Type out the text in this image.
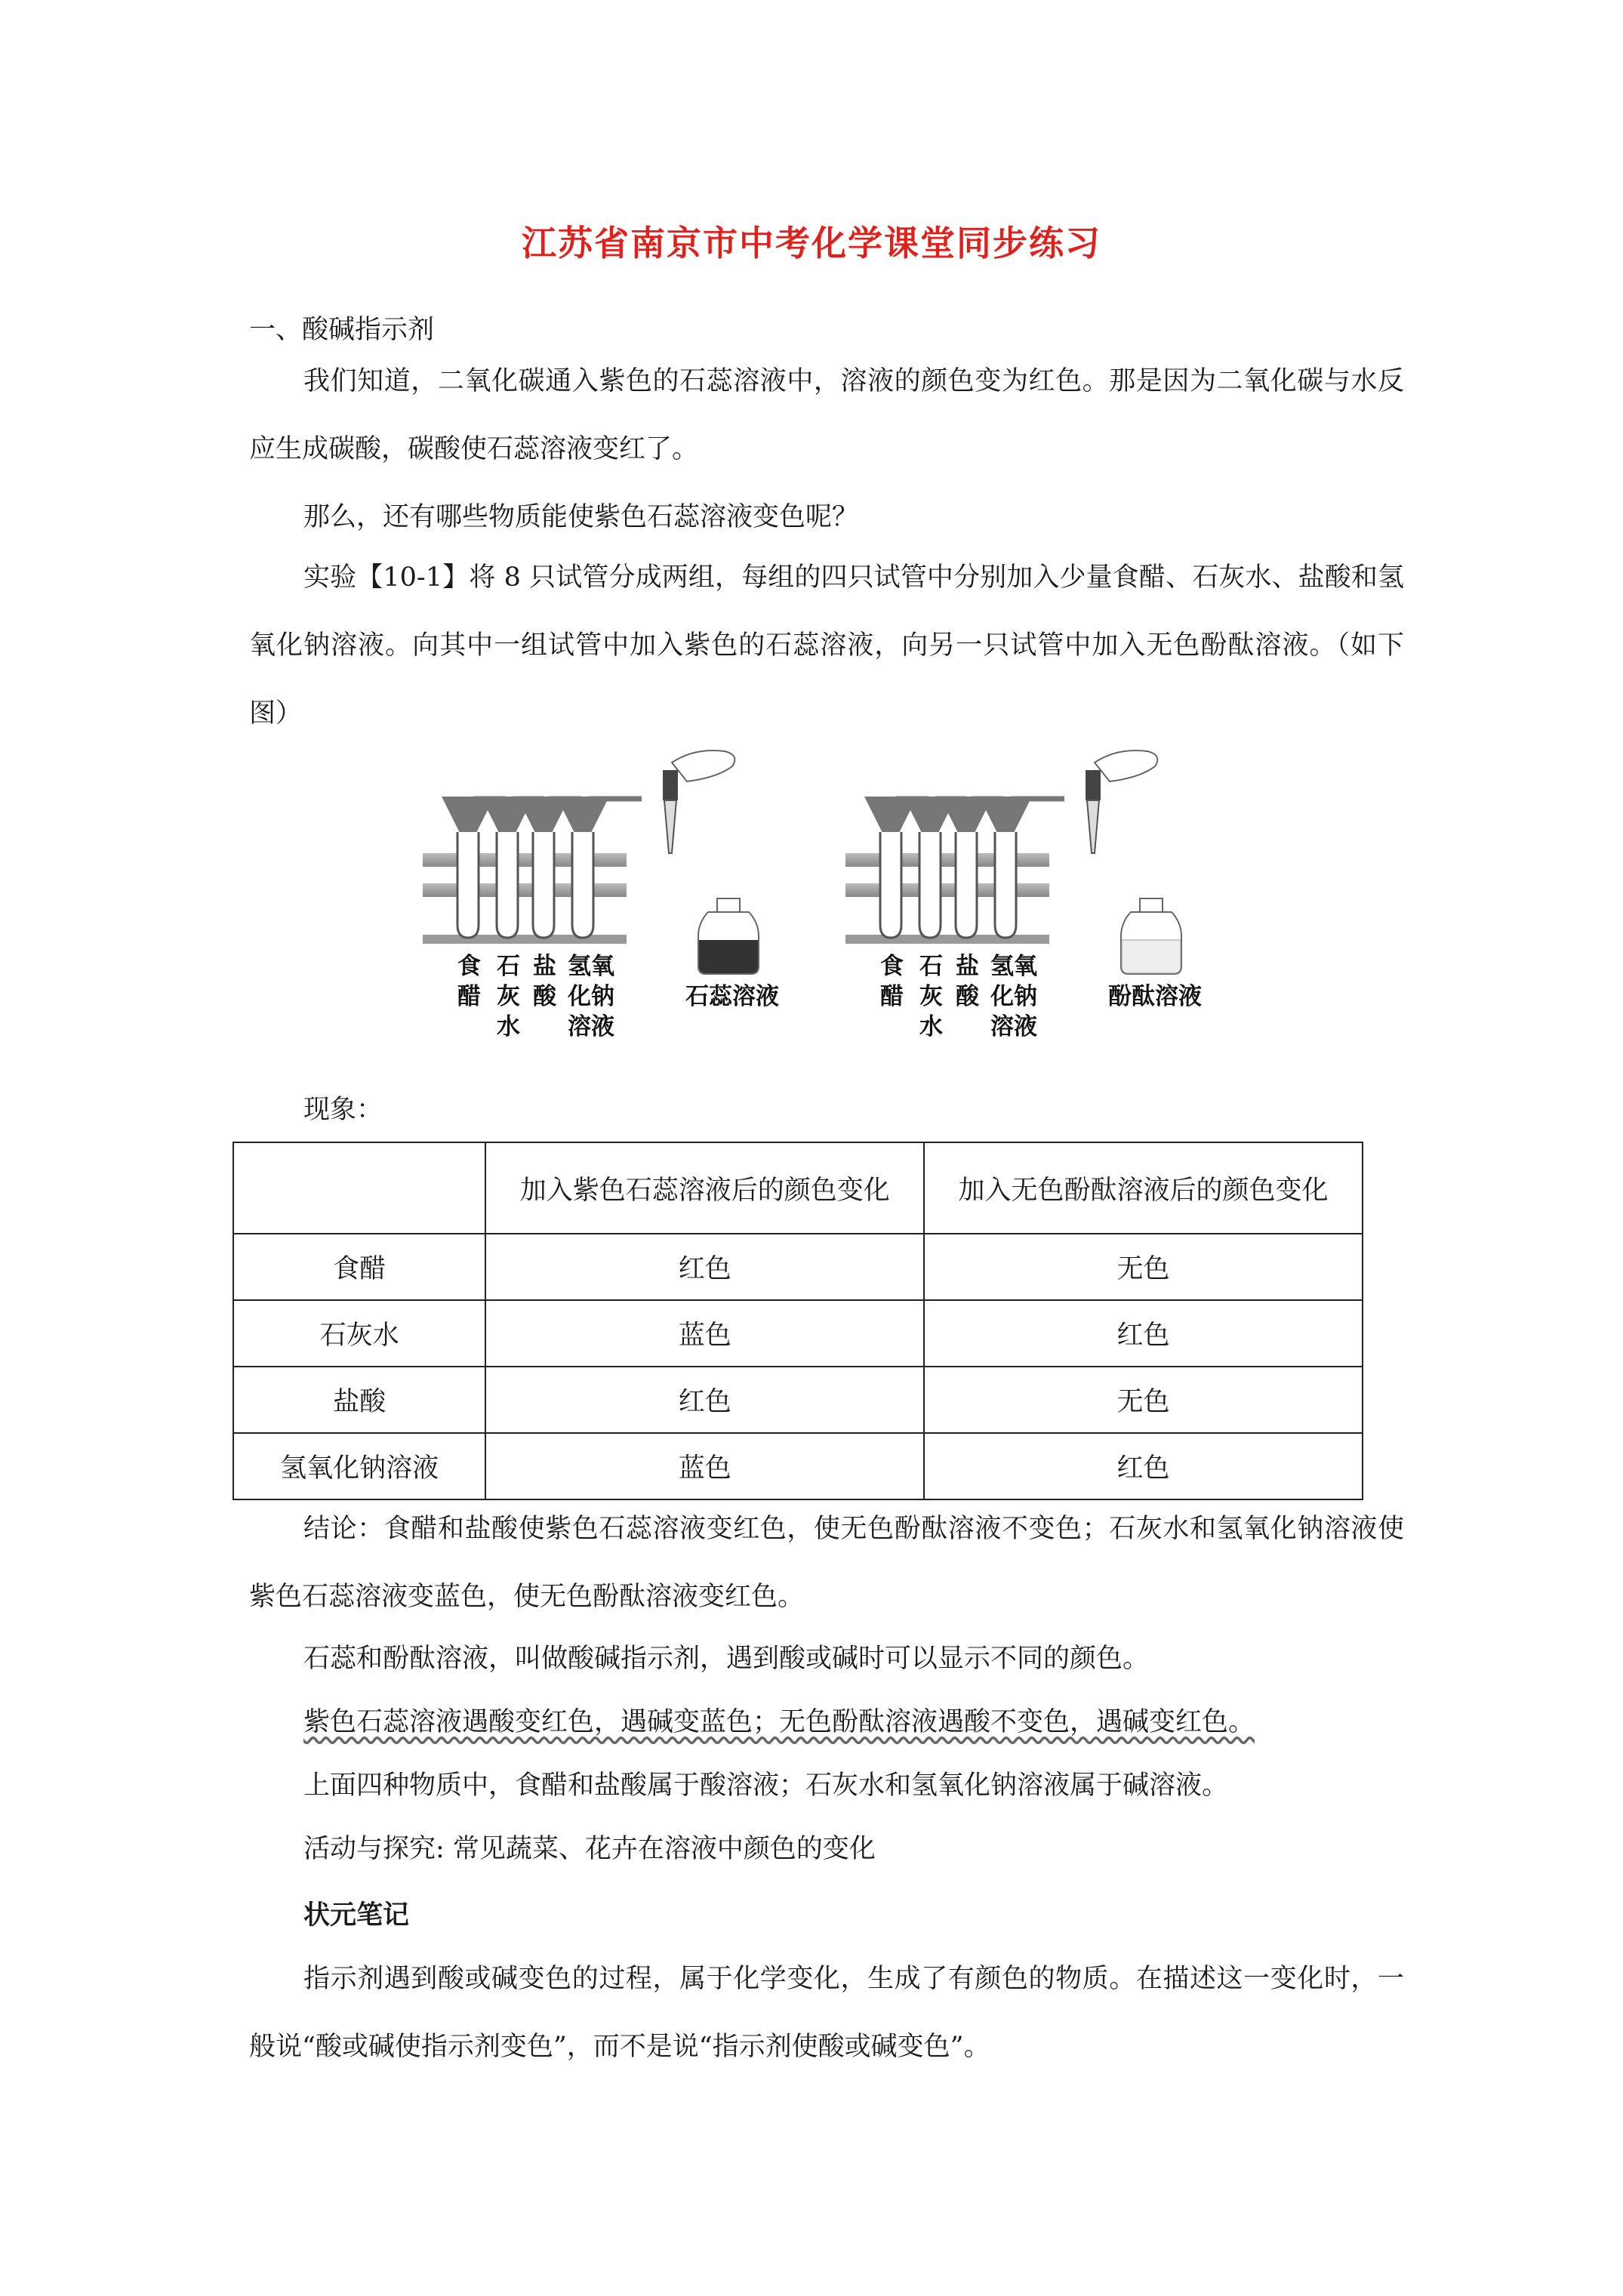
江苏省南京市中考化学课堂同步练习

一、酸碱指示剂

我们知道，二氧化碳通入紫色的石蕊溶液中，溶液的颜色变为红色。那是因为二氧化碳与水反应生成碳酸，碳酸使石蕊溶液变红了。

那么，还有哪些物质能使紫色石蕊溶液变色呢？

实验【10-1】将 8 只试管分成两组，每组的四只试管中分别加入少量食醋、石灰水、盐酸和氢氧化钠溶液。向其中一组试管中加入紫色的石蕊溶液，向另一只试管中加入无色酚酞溶液。（如下图）

食醋
石灰水
盐酸
氢氧化钠溶液
石蕊溶液
食醋
石灰水
盐酸
氢氧化钠溶液
酚酞溶液

现象：

	加入紫色石蕊溶液后的颜色变化	加入无色酚酞溶液后的颜色变化
食醋	红色	无色
石灰水	蓝色	红色
盐酸	红色	无色
氢氧化钠溶液	蓝色	红色

结论：食醋和盐酸使紫色石蕊溶液变红色，使无色酚酞溶液不变色；石灰水和氢氧化钠溶液使紫色石蕊溶液变蓝色，使无色酚酞溶液变红色。

石蕊和酚酞溶液，叫做酸碱指示剂，遇到酸或碱时可以显示不同的颜色。

紫色石蕊溶液遇酸变红色，遇碱变蓝色；无色酚酞溶液遇酸不变色，遇碱变红色。

上面四种物质中，食醋和盐酸属于酸溶液；石灰水和氢氧化钠溶液属于碱溶液。

活动与探究: 常见蔬菜、花卉在溶液中颜色的变化

状元笔记

指示剂遇到酸或碱变色的过程，属于化学变化，生成了有颜色的物质。在描述这一变化时，一般说“酸或碱使指示剂变色”，而不是说“指示剂使酸或碱变色”。
